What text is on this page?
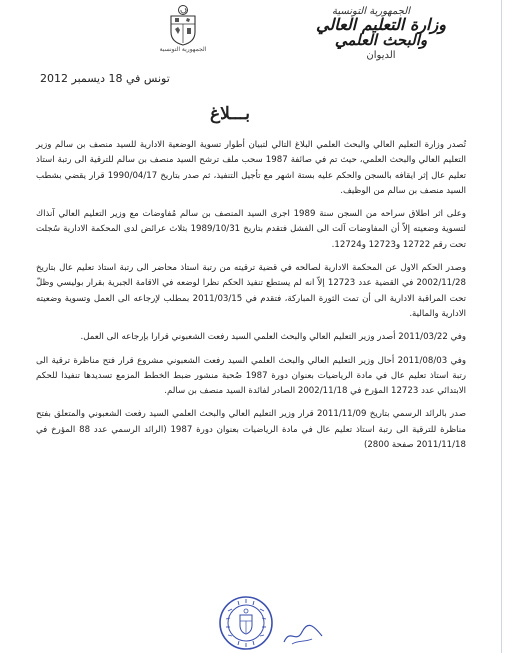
الجمهورية التونسية
وزارة التعليم العالي
والبحث العلمي
الديوان
الجمهورية التونسية
تونس في 18 ديسمبر 2012
بـــلاغ

تُصدر وزارة التعليم العالي والبحث العلمي البلاغ التالي لتبيان أطوار تسوية الوضعية الادارية للسيد منصف بن سالم وزير التعليم العالي والبحث العلمي، حيث تم في صائفة 1987 سحب ملف ترشح السيد منصف بن سالم للترقية الى رتبة استاذ تعليم عال إثر ايقافه بالسجن والحكم عليه بستة اشهر مع تأجيل التنفيذ، ثم صدر بتاريخ 1990/04/17 قرار يقضي بشطب السيد منصف بن سالم من الوظيف.

وعلى اثر اطلاق سراحه من السجن سنة 1989 اجرى السيد المنصف بن سالم مُفاوضات مع وزير التعليم العالي آنذاك لتسوية وضعيته إلاّ أن المفاوضات آلت الى الفشل فتقدم بتاريخ 1989/10/31 بثلاث عرائض لدى المحكمة الادارية سُجلت تحت رقم 12722 و12723 و12724.

وصدر الحكم الاول عن المحكمة الادارية لصالحه في قضية ترقيته من رتبة استاذ محاضر الى رتبة استاذ تعليم عال بتاريخ 2002/11/28 في القضية عدد 12723 إلاّ انه لم يستطع تنفيذ الحكم نظرا لوضعه في الاقامة الجبرية بقرار بوليسي وظلّ تحت المراقبة الادارية الى أن تمت الثورة المباركة، فتقدم في 2011/03/15 بمطلب لإرجاعه الى العمل وتسوية وضعيته الادارية والمالية.

وفي 2011/03/22 أصدر وزير التعليم العالي والبحث العلمي السيد رفعت الشعبوني قرارا بإرجاعه الى العمل.

وفي 2011/08/03 أحال وزير التعليم العالي والبحث العلمي السيد رفعت الشعبوني مشروع قرار فتح مناظرة ترقية الى رتبة استاذ تعليم عال في مادة الرياضيات بعنوان دورة 1987 صُحبة منشور ضبط الخطط المزمع تسديدها تنفيذا للحكم الابتدائي عدد 12723 المؤرخ في 2002/11/18 الصادر لفائدة السيد منصف بن سالم.

صدر بالرائد الرسمي بتاريخ 2011/11/09 قرار وزير التعليم العالي والبحث العلمي السيد رفعت الشعبوني والمتعلق بفتح مناظرة للترقية الى رتبة استاذ تعليم عال في مادة الرياضيات بعنوان دورة 1987 (الرائد الرسمي عدد 88 المؤرخ في 2011/11/18 صفحة 2800)
